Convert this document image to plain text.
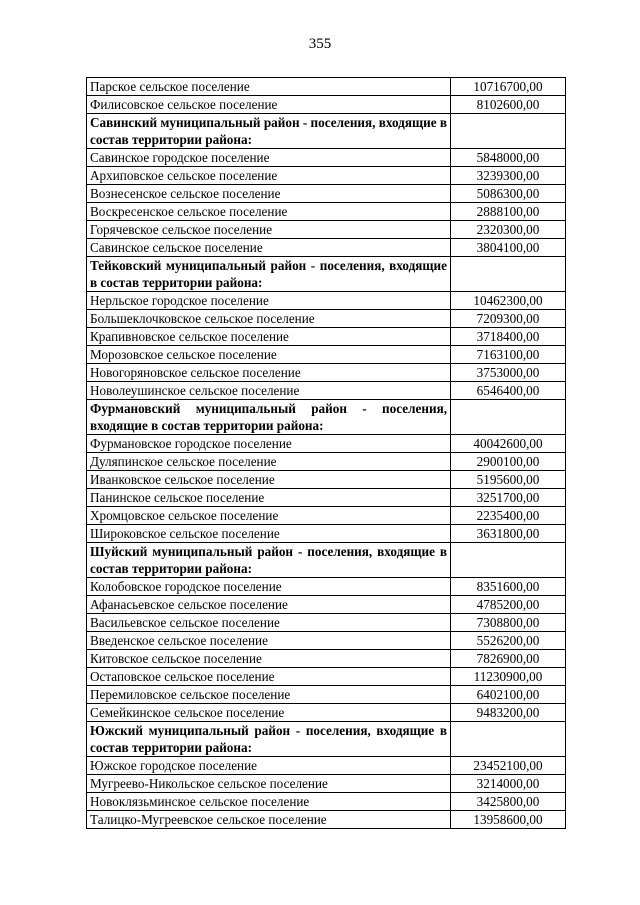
355
Парское сельское поселение	10716700,00
Филисовское сельское поселение	8102600,00
Савинский муниципальный район - поселения, входящие в состав территории района:	
Савинское городское поселение	5848000,00
Архиповское сельское поселение	3239300,00
Вознесенское сельское поселение	5086300,00
Воскресенское сельское поселение	2888100,00
Горячевское сельское поселение	2320300,00
Савинское сельское поселение	3804100,00
Тейковский муниципальный район - поселения, входящие в состав территории района:	
Нерльское городское поселение	10462300,00
Большеклочковское сельское поселение	7209300,00
Крапивновское сельское поселение	3718400,00
Морозовское сельское поселение	7163100,00
Новогоряновское сельское поселение	3753000,00
Новолеушинское сельское поселение	6546400,00
Фурмановский муниципальный район - поселения, входящие в состав территории района:	
Фурмановское городское поселение	40042600,00
Дуляпинское сельское поселение	2900100,00
Иванковское сельское поселение	5195600,00
Панинское сельское поселение	3251700,00
Хромцовское сельское поселение	2235400,00
Широковское сельское поселение	3631800,00
Шуйский муниципальный район - поселения, входящие в состав территории района:	
Колобовское городское поселение	8351600,00
Афанасьевское сельское поселение	4785200,00
Васильевское сельское поселение	7308800,00
Введенское сельское поселение	5526200,00
Китовское сельское поселение	7826900,00
Остаповское сельское поселение	11230900,00
Перемиловское сельское поселение	6402100,00
Семейкинское сельское поселение	9483200,00
Южский муниципальный район - поселения, входящие в состав территории района:	
Южское городское поселение	23452100,00
Мугреево-Никольское сельское поселение	3214000,00
Новоклязьминское сельское поселение	3425800,00
Талицко-Мугреевское сельское поселение	13958600,00
